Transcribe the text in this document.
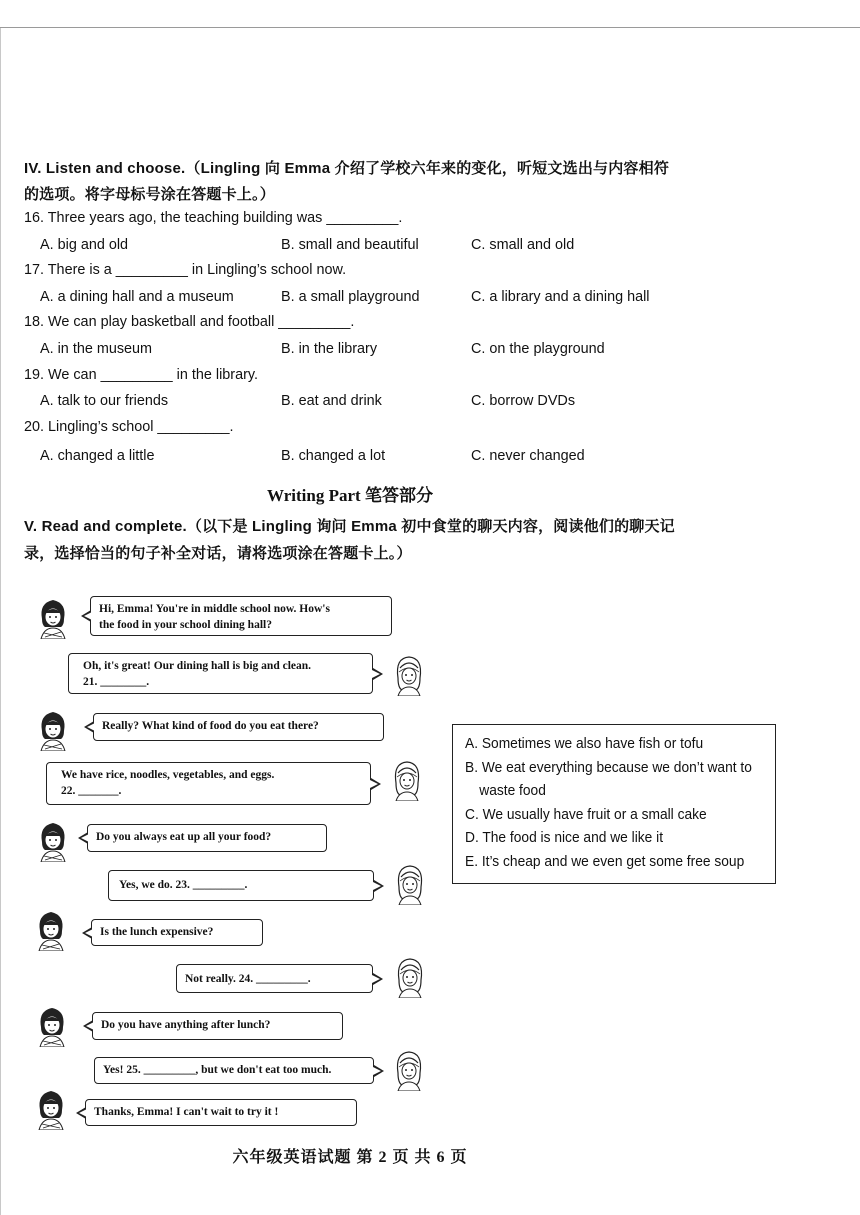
IV. Listen and choose.（Lingling 向 Emma 介绍了学校六年来的变化，听短文选出与内容相符
的选项。将字母标号涂在答题卡上。）
16. Three years ago, the teaching building was _________.
A. big and old	B. small and beautiful	C. small and old
17. There is a _________ in Lingling’s school now.
A. a dining hall and a museum	B. a small playground	C. a library and a dining hall
18. We can play basketball and football _________.
A. in the museum	B. in the library	C. on the playground
19. We can _________ in the library.
A. talk to our friends	B. eat and drink	C. borrow DVDs
20. Lingling’s school _________.
A. changed a little	B. changed a lot	C. never changed
Writing Part 笔答部分
V. Read and complete.（以下是 Lingling 询问 Emma 初中食堂的聊天内容，阅读他们的聊天记
录，选择恰当的句子补全对话，请将选项涂在答题卡上。）
Hi, Emma! You're in middle school now. How's
the food in your school dining hall?
Oh, it's great! Our dining hall is big and clean.
21. ________.
Really? What kind of food do you eat there?
We have rice, noodles, vegetables, and eggs.
22. _______.
Do you always eat up all your food?
Yes, we do. 23. _________.
Is the lunch expensive?
Not really. 24. _________.
Do you have anything after lunch?
Yes! 25. _________, but we don't eat too much.
Thanks, Emma! I can't wait to try it !
A. Sometimes we also have fish or tofu
B. We eat everything because we don’t want to
waste food
C. We usually have fruit or a small cake
D. The food is nice and we like it
E. It’s cheap and we even get some free soup
六年级英语试题 第 2 页 共 6 页
